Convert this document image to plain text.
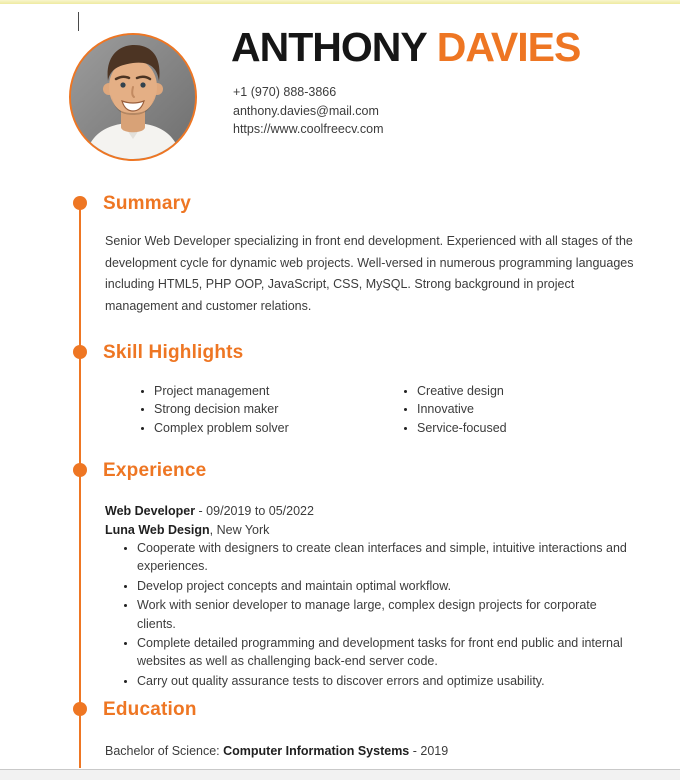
ANTHONY DAVIES
+1 (970) 888-3866
anthony.davies@mail.com
https://www.coolfreecv.com
Summary

Senior Web Developer specializing in front end development. Experienced with all stages of the development cycle for dynamic web projects. Well-versed in numerous programming languages including HTML5, PHP OOP, JavaScript, CSS, MySQL. Strong background in project management and customer relations.

Skill Highlights
• Project management
• Strong decision maker
• Complex problem solver
• Creative design
• Innovative
• Service-focused
Experience
Web Developer - 09/2019 to 05/2022
Luna Web Design, New York
• Cooperate with designers to create clean interfaces and simple, intuitive interactions and experiences.
• Develop project concepts and maintain optimal workflow.
• Work with senior developer to manage large, complex design projects for corporate clients.
• Complete detailed programming and development tasks for front end public and internal websites as well as challenging back-end server code.
• Carry out quality assurance tests to discover errors and optimize usability.
Education
Bachelor of Science: Computer Information Systems - 2019
